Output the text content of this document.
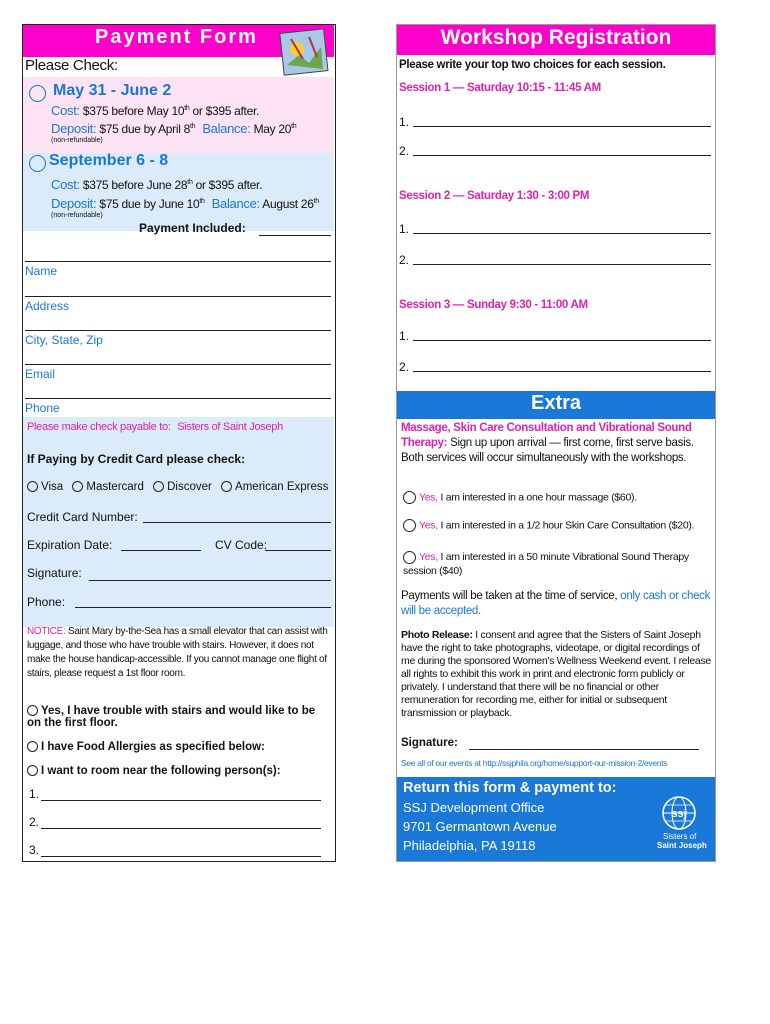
Payment Form
Please Check:
May 31 - June 2
Cost: $375 before May 10th or $395 after.
Deposit: $75 due by April 8th Balance: May 20th
(non-refundable)
September 6 - 8
Cost: $375 before June 28th or $395 after.
Deposit: $75 due by June 10th Balance: August 26th
(non-refundable)
Payment Included:
Name
Address
City, State, Zip
Email
Phone
Please make check payable to: Sisters of Saint Joseph
If Paying by Credit Card please check:
Visa Mastercard Discover American Express
Credit Card Number:
Expiration Date:	CV Code:
Signature:
Phone:
NOTICE: Saint Mary by-the-Sea has a small elevator that can assist with luggage, and those who have trouble with stairs. However, it does not make the house handicap-accessible. If you cannot manage one flight of stairs, please request a 1st floor room.
Yes, I have trouble with stairs and would like to be on the first floor.
I have Food Allergies as specified below:
I want to room near the following person(s):
1.
2.
3.
Workshop Registration
Please write your top two choices for each session.
Session 1 — Saturday 10:15 - 11:45 AM
1.
2.
Session 2 — Saturday 1:30 - 3:00 PM
1.
2.
Session 3 — Sunday 9:30 - 11:00 AM
1.
2.
Extra
Massage, Skin Care Consultation and Vibrational Sound Therapy: Sign up upon arrival — first come, first serve basis. Both services will occur simultaneously with the workshops.
Yes, I am interested in a one hour massage ($60).
Yes, I am interested in a 1/2 hour Skin Care Consultation ($20).
Yes, I am interested in a 50 minute Vibrational Sound Therapy session ($40)
Payments will be taken at the time of service, only cash or check will be accepted.
Photo Release: I consent and agree that the Sisters of Saint Joseph have the right to take photographs, videotape, or digital recordings of me during the sponsored Women's Wellness Weekend event. I release all rights to exhibit this work in print and electronic form publicly or privately. I understand that there will be no financial or other remuneration for recording me, either for initial or subsequent transmission or playback.
Signature:
See all of our events at http://ssjphila.org/home/support-our-mission-2/events
Return this form & payment to:
SSJ Development Office
9701 Germantown Avenue
Philadelphia, PA 19118
ssj
Sisters of
Saint Joseph
